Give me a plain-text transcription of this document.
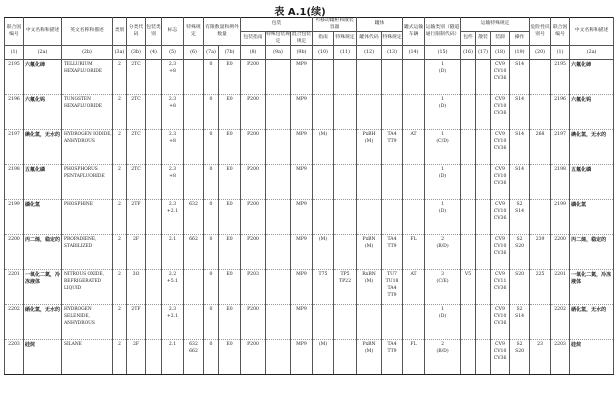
表 A.1(续)
联合国编号	中文名称和描述	英文名称和描述	类别	分类代码	包装类别	标志	特殊规定	有限数量和例外数量		包装			可移动罐柜和散装容器		罐体		罐式运输车辆	运输类别（隧道通行限制代码）	运输特殊规定				危险性识别号	联合国编号	中文名称和描述
										包装指南	特殊包装规定	混合包装规定	指南	特殊规定	罐体代码	特殊规定			包件	散装	装卸	操作			
(1)	(2a)	(2b)	(3a)	(3b)	(4)	(5)	(6)	(7a)	(7b)	(8)	(9a)	(9b)	(10)	(11)	(12)	(13)	(14)	(15)	(16)	(17)	(18)	(19)	(20)	(1)	(2a)
2195	六氟化碲	TELLURIUM HEXAFLUORIDE	2	2TC		2.3
+8		0	E0	P200		MP9						1
(D)			CV9
CV10
CV36	S14		2195	六氟化碲
2196	六氟化钨	TUNGSTEN HEXAFLUORIDE	2	2TC		2.3
+8		0	E0	P200		MP9						1
(D)			CV9
CV10
CV36	S14		2196	六氟化钨
2197	碘化氢，无水的	HYDROGEN IODIDE, ANHYDROUS	2	2TC		2.3
+8		0	E0	P200		MP9	(M)		PxBH
(M)	TA4
TT9	AT	1
(C/D)			CV9
CV10
CV36	S14	268	2197	碘化氢，无水的
2198	五氟化磷	PHOSPHORUS PENTAFLUORIDE	2	2TC		2.3
+8		0	E0	P200		MP9						1
(D)			CV9
CV10
CV36	S14		2198	五氟化磷
2199	磷化氢	PHOSPHINE	2	2TF		2.3
+2.1	632	0	E0	P200		MP9						1
(D)			CV9
CV10
CV36	S2
S14		2199	磷化氢
2200	丙二烯，稳定的	PROPADIENE, STABILIZED	2	2F		2.1	662	0	E0	P200		MP9	(M)		PxBN
(M)	TA4
TT9	FL	2
(B/D)			CV9
CV10
CV36	S2
S20	239	2200	丙二烯，稳定的
2201	一氧化二氮，冷冻液体	NITROUS OXIDE, REFRIGERATED LIQUID	2	3O		2.2
+5.1		0	E0	P203		MP9	T75	TP5
TP22	RxBN
(M)	TU7
TU18
TA4
TT9	AT	3
(C/E)	V5		CV9
CV11
CV36	S20	225	2201	一氧化二氮，冷冻液体
2202	硒化氢，无水的	HYDROGEN SELENIDE, ANHYDROUS	2	2TF		2.3
+2.1		0	E0	P200		MP9						1
(D)			CV9
CV10
CV36	S2
S14		2202	硒化氢，无水的
2203	硅烷	SILANE	2	2F		2.1	632
662	0	E0	P200		MP9	(M)		PxBN
(M)	TA4
TT9	FL	2
(B/D)			CV9
CV10
CV36	S2
S20	23	2203	硅烷
